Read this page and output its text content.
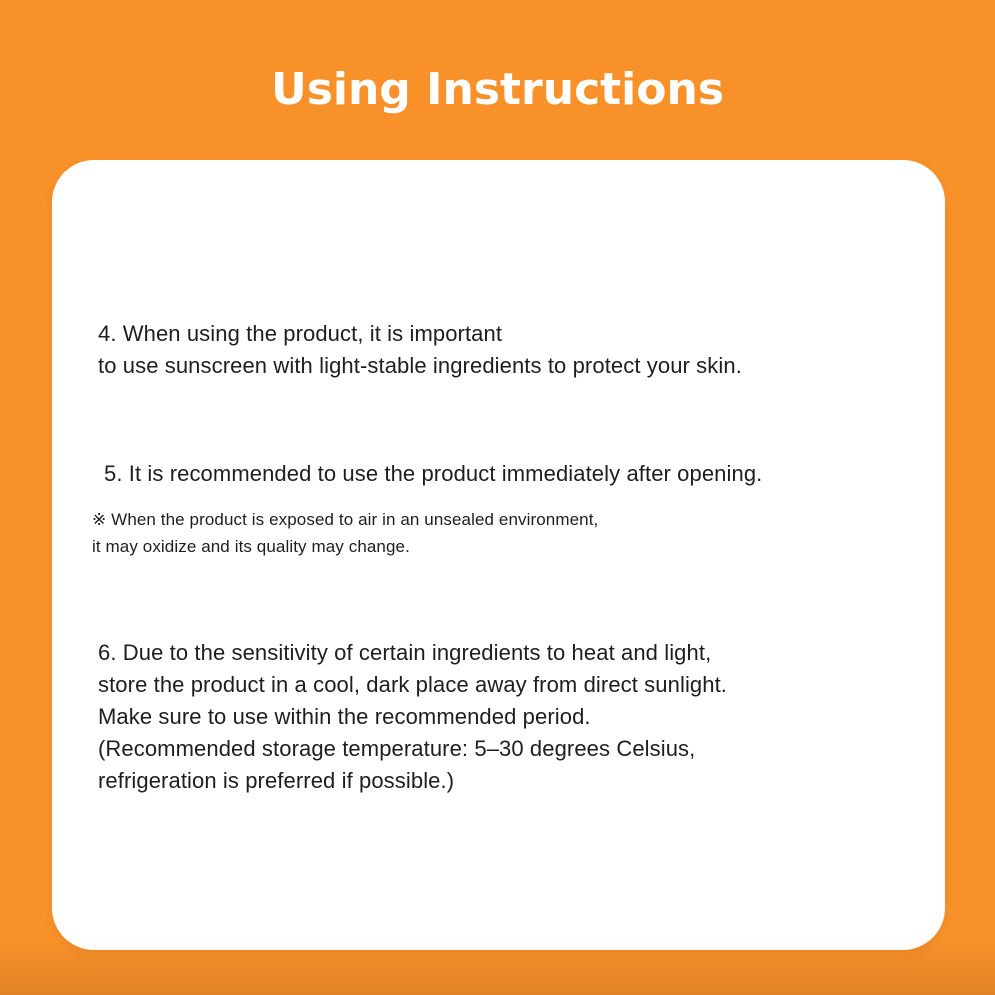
Using Instructions

4. When using the product, it is important

to use sunscreen with light-stable ingredients to protect your skin.

5. It is recommended to use the product immediately after opening.

※ When the product is exposed to air in an unsealed environment,

it may oxidize and its quality may change.

6. Due to the sensitivity of certain ingredients to heat and light,

store the product in a cool, dark place away from direct sunlight.

Make sure to use within the recommended period.

(Recommended storage temperature: 5–30 degrees Celsius,

refrigeration is preferred if possible.)
